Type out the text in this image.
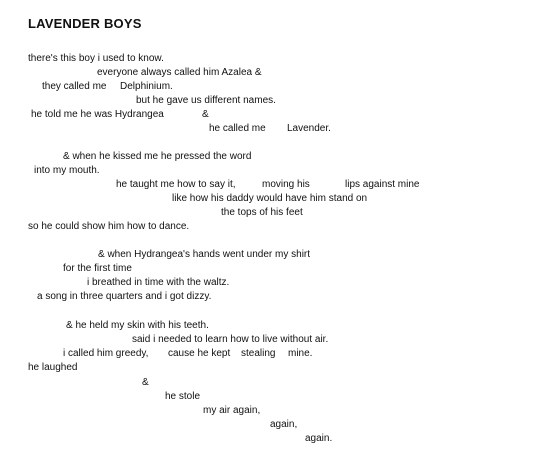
LAVENDER BOYS
there's this boy i used to know.
everyone always called him Azalea &
they called me Delphinium.
but he gave us different names.
he told me he was Hydrangea	&
he called me Lavender.
& when he kissed me he pressed the word
into my mouth.
he taught me how to say it,	moving his	lips against mine
like how his daddy would have him stand on
the tops of his feet
so he could show him how to dance.
& when Hydrangea's hands went under my shirt
for the first time
i breathed in time with the waltz.
a song in three quarters and i got dizzy.
& he held my skin with his teeth.
said i needed to learn how to live without air.
i called him greedy, cause he kept stealing mine.
he laughed
&
he stole
my air again,
again,
again.
